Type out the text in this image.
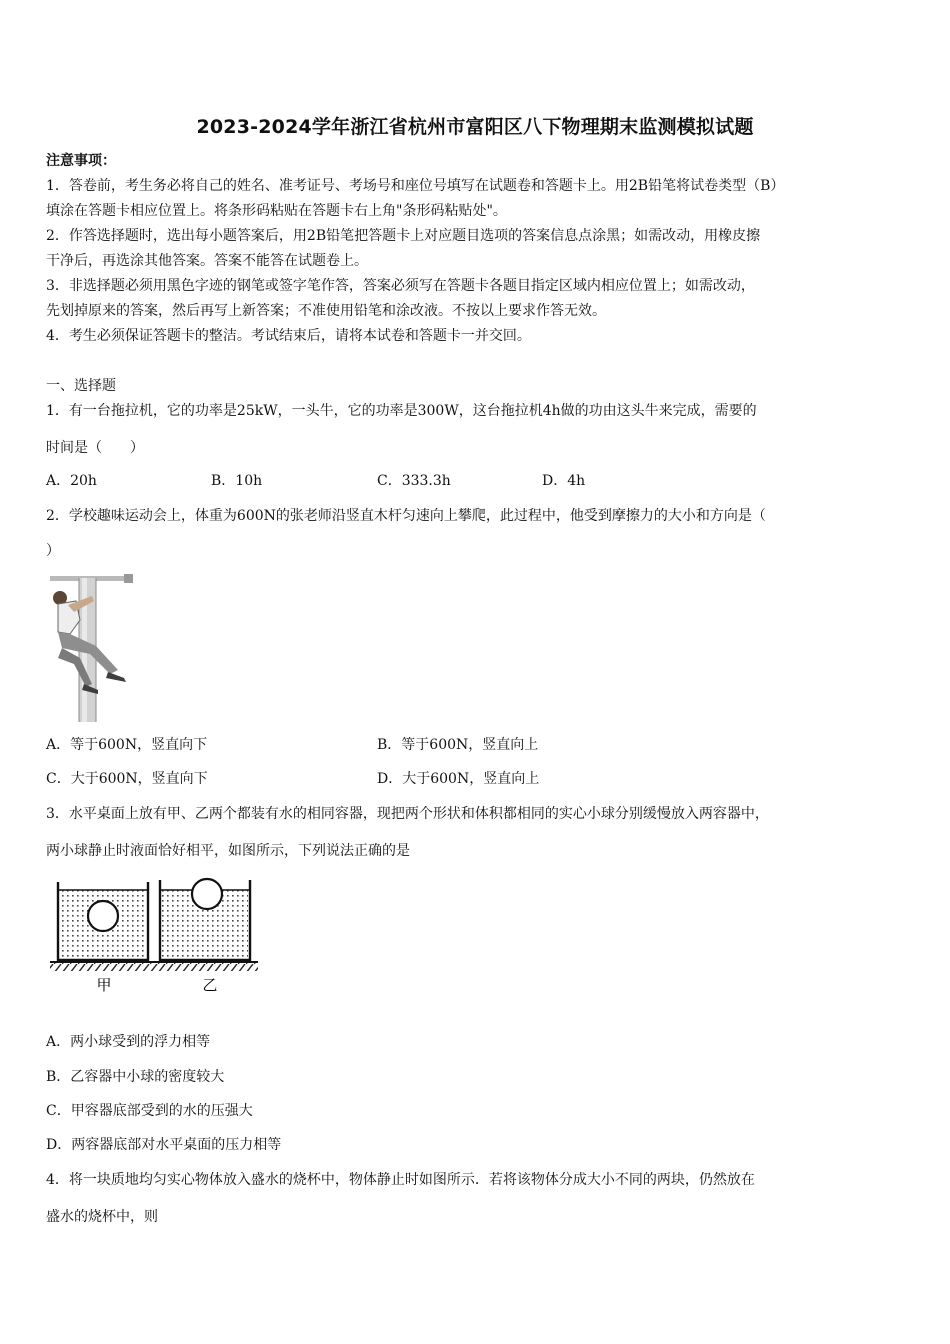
2023-2024学年浙江省杭州市富阳区八下物理期末监测模拟试题
注意事项：
1．答卷前，考生务必将自己的姓名、准考证号、考场号和座位号填写在试题卷和答题卡上。用2B铅笔将试卷类型（B）
填涂在答题卡相应位置上。将条形码粘贴在答题卡右上角"条形码粘贴处"。
2．作答选择题时，选出每小题答案后，用2B铅笔把答题卡上对应题目选项的答案信息点涂黑；如需改动，用橡皮擦
干净后，再选涂其他答案。答案不能答在试题卷上。
3．非选择题必须用黑色字迹的钢笔或签字笔作答，答案必须写在答题卡各题目指定区域内相应位置上；如需改动，
先划掉原来的答案，然后再写上新答案；不准使用铅笔和涂改液。不按以上要求作答无效。
4．考生必须保证答题卡的整洁。考试结束后，请将本试卷和答题卡一并交回。
一、选择题
1．有一台拖拉机，它的功率是25kW，一头牛，它的功率是300W，这台拖拉机4h做的功由这头牛来完成，需要的
时间是（　　）
A．20h	B．10h	C．333.3h	D．4h
2．学校趣味运动会上，体重为600N的张老师沿竖直木杆匀速向上攀爬，此过程中，他受到摩擦力的大小和方向是（
）
A．等于600N，竖直向下	B．等于600N，竖直向上
C．大于600N，竖直向下	D．大于600N，竖直向上
3．水平桌面上放有甲、乙两个都装有水的相同容器，现把两个形状和体积都相同的实心小球分别缓慢放入两容器中，
两小球静止时液面恰好相平，如图所示，下列说法正确的是
甲	乙
A．两小球受到的浮力相等
B．乙容器中小球的密度较大
C．甲容器底部受到的水的压强大
D．两容器底部对水平桌面的压力相等
4．将一块质地均匀实心物体放入盛水的烧杯中，物体静止时如图所示．若将该物体分成大小不同的两块，仍然放在
盛水的烧杯中，则
